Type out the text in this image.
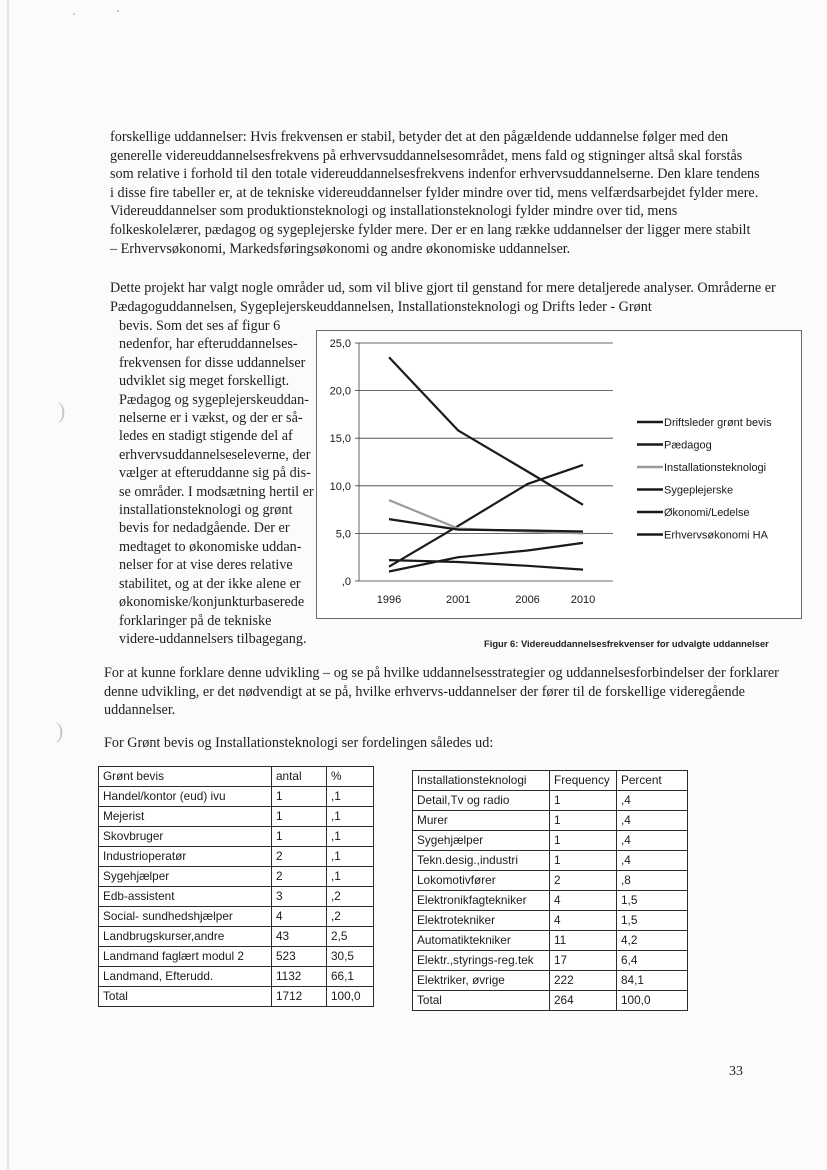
)
)
forskellige uddannelser: Hvis frekvensen er stabil, betyder det at den pågældende uddannelse følger med den generelle videreuddannelsesfrekvens på erhvervsuddannelsesområdet, mens fald og stigninger altså skal forstås som relative i forhold til den totale videreuddannelsesfrekvens indenfor erhvervsuddannelserne. Den klare tendens i disse fire tabeller er, at de tekniske videreuddannelser fylder mindre over tid, mens velfærdsarbejdet fylder mere. Videreuddannelser som produktionsteknologi og installationsteknologi fylder mindre over tid, mens folkeskolelærer, pædagog og sygeplejerske fylder mere. Der er en lang række uddannelser der ligger mere stabilt – Erhvervsøkonomi, Markedsføringsøkonomi og andre økonomiske uddannelser.
Dette projekt har valgt nogle områder ud, som vil blive gjort til genstand for mere detaljerede analyser. Områderne er Pædagoguddannelsen, Sygeplejerskeuddannelsen, Installationsteknologi og Drifts leder - Grønt
bevis. Som det ses af figur 6 nedenfor, har efteruddannelses-frekvensen for disse uddannelser udviklet sig meget forskelligt. Pædagog og sygeplejerskeuddan-nelserne er i vækst, og der er så-ledes en stadigt stigende del af erhvervsuddannelseseleverne, der vælger at efteruddanne sig på dis-se områder. I modsætning hertil er installationsteknologi og grønt bevis for nedadgående. Der er medtaget to økonomiske uddan-nelser for at vise deres relative stabilitet, og at der ikke alene er økonomiske/konjunkturbaserede forklaringer på de tekniske videre-uddannelsers tilbagegang.
,0
5,0
10,0
15,0
20,0
25,0
1996	2001	2006	2010
Driftsleder grønt bevis
Pædagog
Installationsteknologi
Sygeplejerske
Økonomi/Ledelse
Erhvervsøkonomi HA
Figur 6: Videreuddannelsesfrekvenser for udvalgte uddannelser
For at kunne forklare denne udvikling – og se på hvilke uddannelsesstrategier og uddannelsesforbindelser der forklarer denne udvikling, er det nødvendigt at se på, hvilke erhvervs-uddannelser der fører til de forskellige videregående uddannelser.
For Grønt bevis og Installationsteknologi ser fordelingen således ud:
Grønt bevis	antal	%
Handel/kontor (eud) ivu	1	,1
Mejerist	1	,1
Skovbruger	1	,1
Industrioperatør	2	,1
Sygehjælper	2	,1
Edb-assistent	3	,2
Social- sundhedshjælper	4	,2
Landbrugskurser,andre	43	2,5
Landmand faglært modul 2	523	30,5
Landmand, Efterudd.	1132	66,1
Total	1712	100,0
Installationsteknologi	Frequency	Percent
Detail,Tv og radio	1	,4
Murer	1	,4
Sygehjælper	1	,4
Tekn.desig.,industri	1	,4
Lokomotivfører	2	,8
Elektronikfagtekniker	4	1,5
Elektrotekniker	4	1,5
Automatiktekniker	11	4,2
Elektr.,styrings-reg.tek	17	6,4
Elektriker, øvrige	222	84,1
Total	264	100,0
33
